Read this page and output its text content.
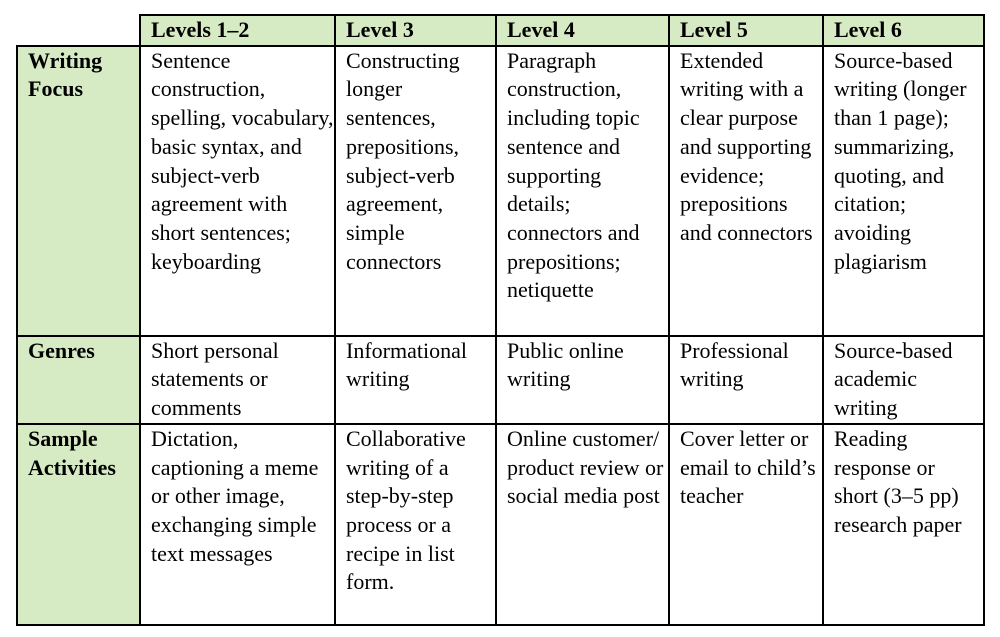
	Levels 1–2	Level 3	Level 4	Level 5	Level 6
Writing Focus	Sentence construction, spelling, vocabulary, basic syntax, and subject-verb agreement with short sentences; keyboarding	Constructing longer sentences, prepositions, subject-verb agreement, simple connectors	Paragraph construction, including topic sentence and supporting details; connectors and prepositions; netiquette	Extended writing with a clear purpose and supporting evidence; prepositions and connectors	Source-based writing (longer than 1 page); summarizing, quoting, and citation; avoiding plagiarism
Genres	Short personal statements or comments	Informational writing	Public online writing	Professional writing	Source-based academic writing
Sample Activities	Dictation, captioning a meme or other image, exchanging simple text messages	Collaborative writing of a step-by-step process or a recipe in list form.	Online customer/ product review or social media post	Cover letter or email to child’s teacher	Reading response or short (3–5 pp) research paper
